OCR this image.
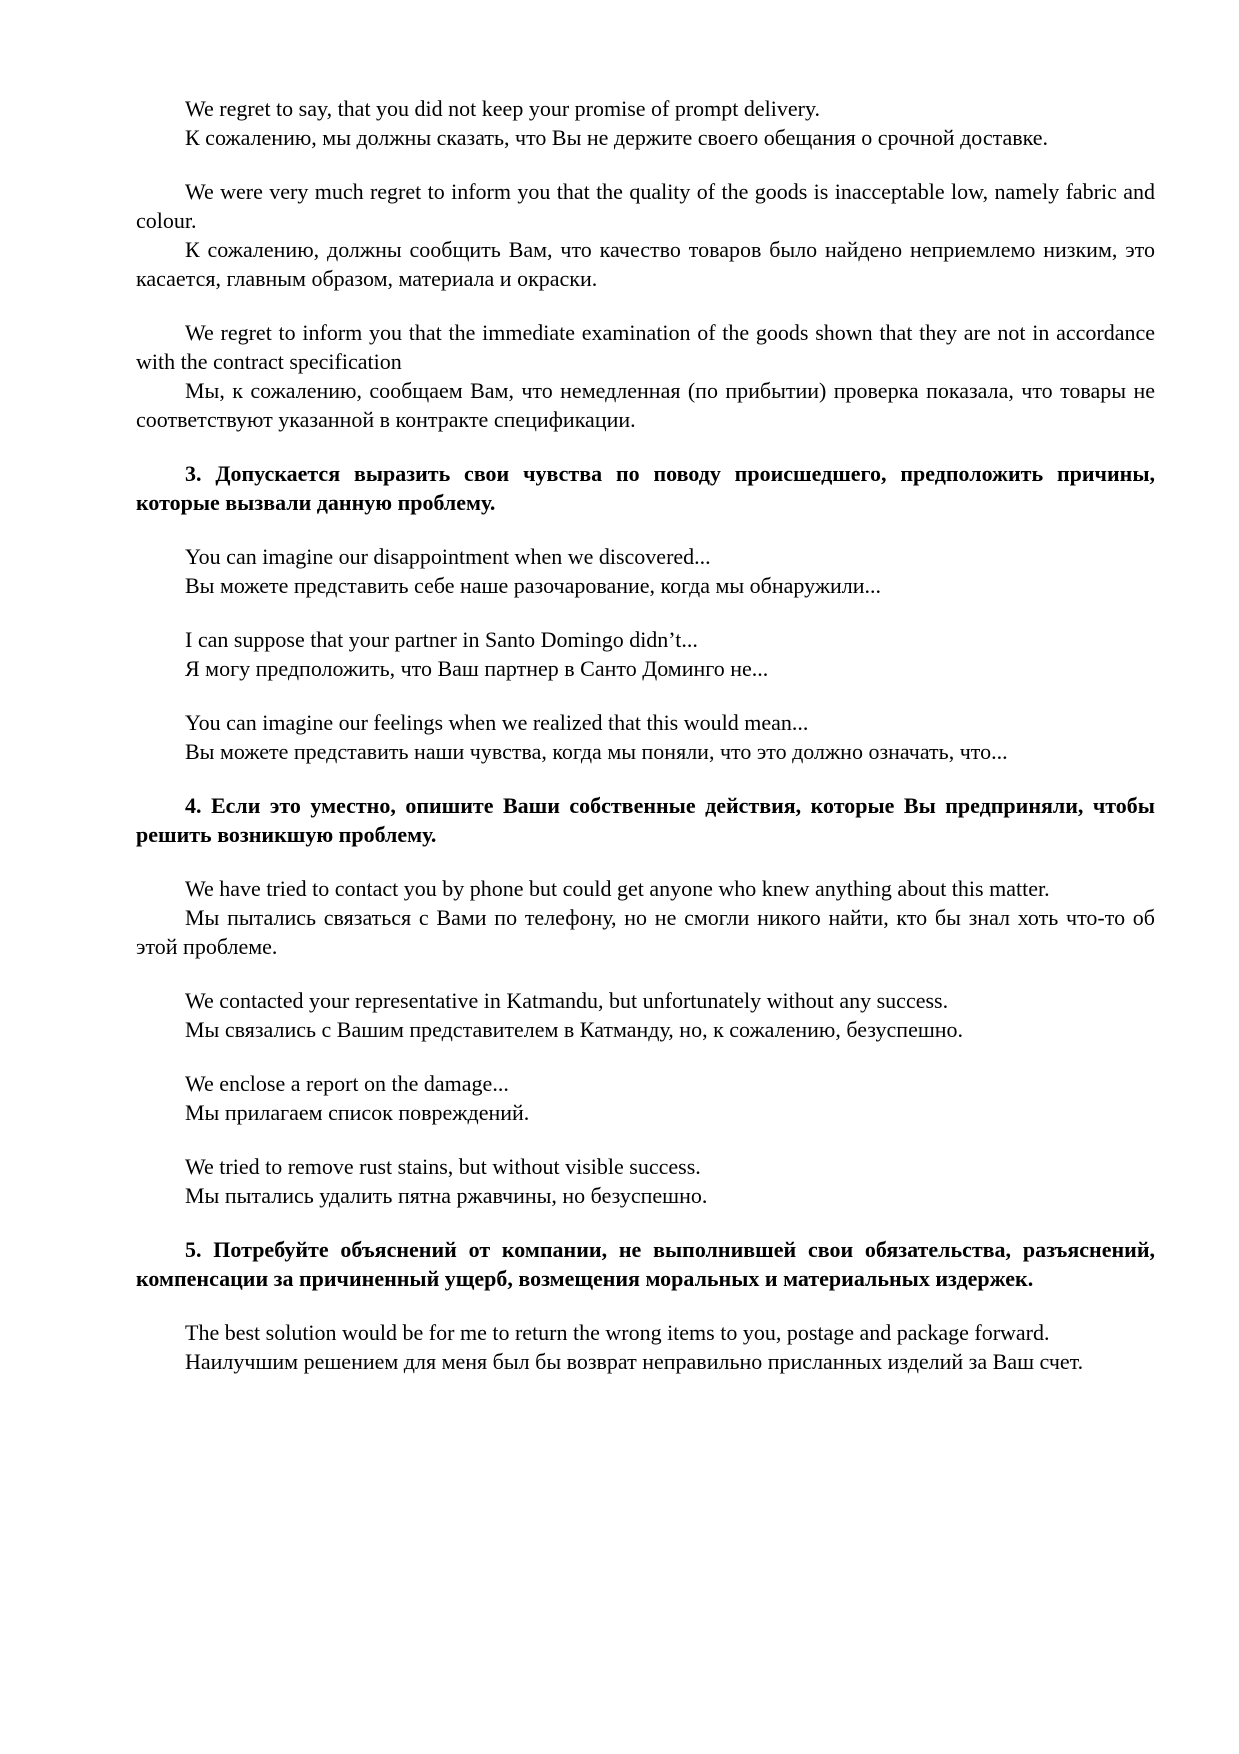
We regret to say, that you did not keep your promise of prompt delivery.

К сожалению, мы должны сказать, что Вы не держите своего обещания о срочной доставке.

We were very much regret to inform you that the quality of the goods is inacceptable low, namely fabric and colour.

К сожалению, должны сообщить Вам, что качество товаров было найдено неприемлемо низким, это касается, главным образом, материала и окраски.

We regret to inform you that the immediate examination of the goods shown that they are not in accordance with the contract specification

Мы, к сожалению, сообщаем Вам, что немедленная (по прибытии) проверка показала, что товары не соответствуют указанной в контракте спецификации.

3. Допускается выразить свои чувства по поводу происшедшего, предположить причины, которые вызвали данную проблему.

You can imagine our disappointment when we discovered...

Вы можете представить себе наше разочарование, когда мы обнаружили...

I can suppose that your partner in Santo Domingo didn’t...

Я могу предположить, что Ваш партнер в Санто Доминго не...

You can imagine our feelings when we realized that this would mean...

Вы можете представить наши чувства, когда мы поняли, что это должно означать, что...

4. Если это уместно, опишите Ваши собственные действия, которые Вы предприняли, чтобы решить возникшую проблему.

We have tried to contact you by phone but could get anyone who knew anything about this matter.

Мы пытались связаться с Вами по телефону, но не смогли никого найти, кто бы знал хоть что-то об этой проблеме.

We contacted your representative in Katmandu, but unfortunately without any success.

Мы связались с Вашим представителем в Катманду, но, к сожалению, безуспешно.

We enclose a report on the damage...

Мы прилагаем список повреждений.

We tried to remove rust stains, but without visible success.

Мы пытались удалить пятна ржавчины, но безуспешно.

5. Потребуйте объяснений от компании, не выполнившей свои обязательства, разъяснений, компенсации за причиненный ущерб, возмещения моральных и материальных издержек.

The best solution would be for me to return the wrong items to you, postage and package forward.

Наилучшим решением для меня был бы возврат неправильно присланных изделий за Ваш счет.
